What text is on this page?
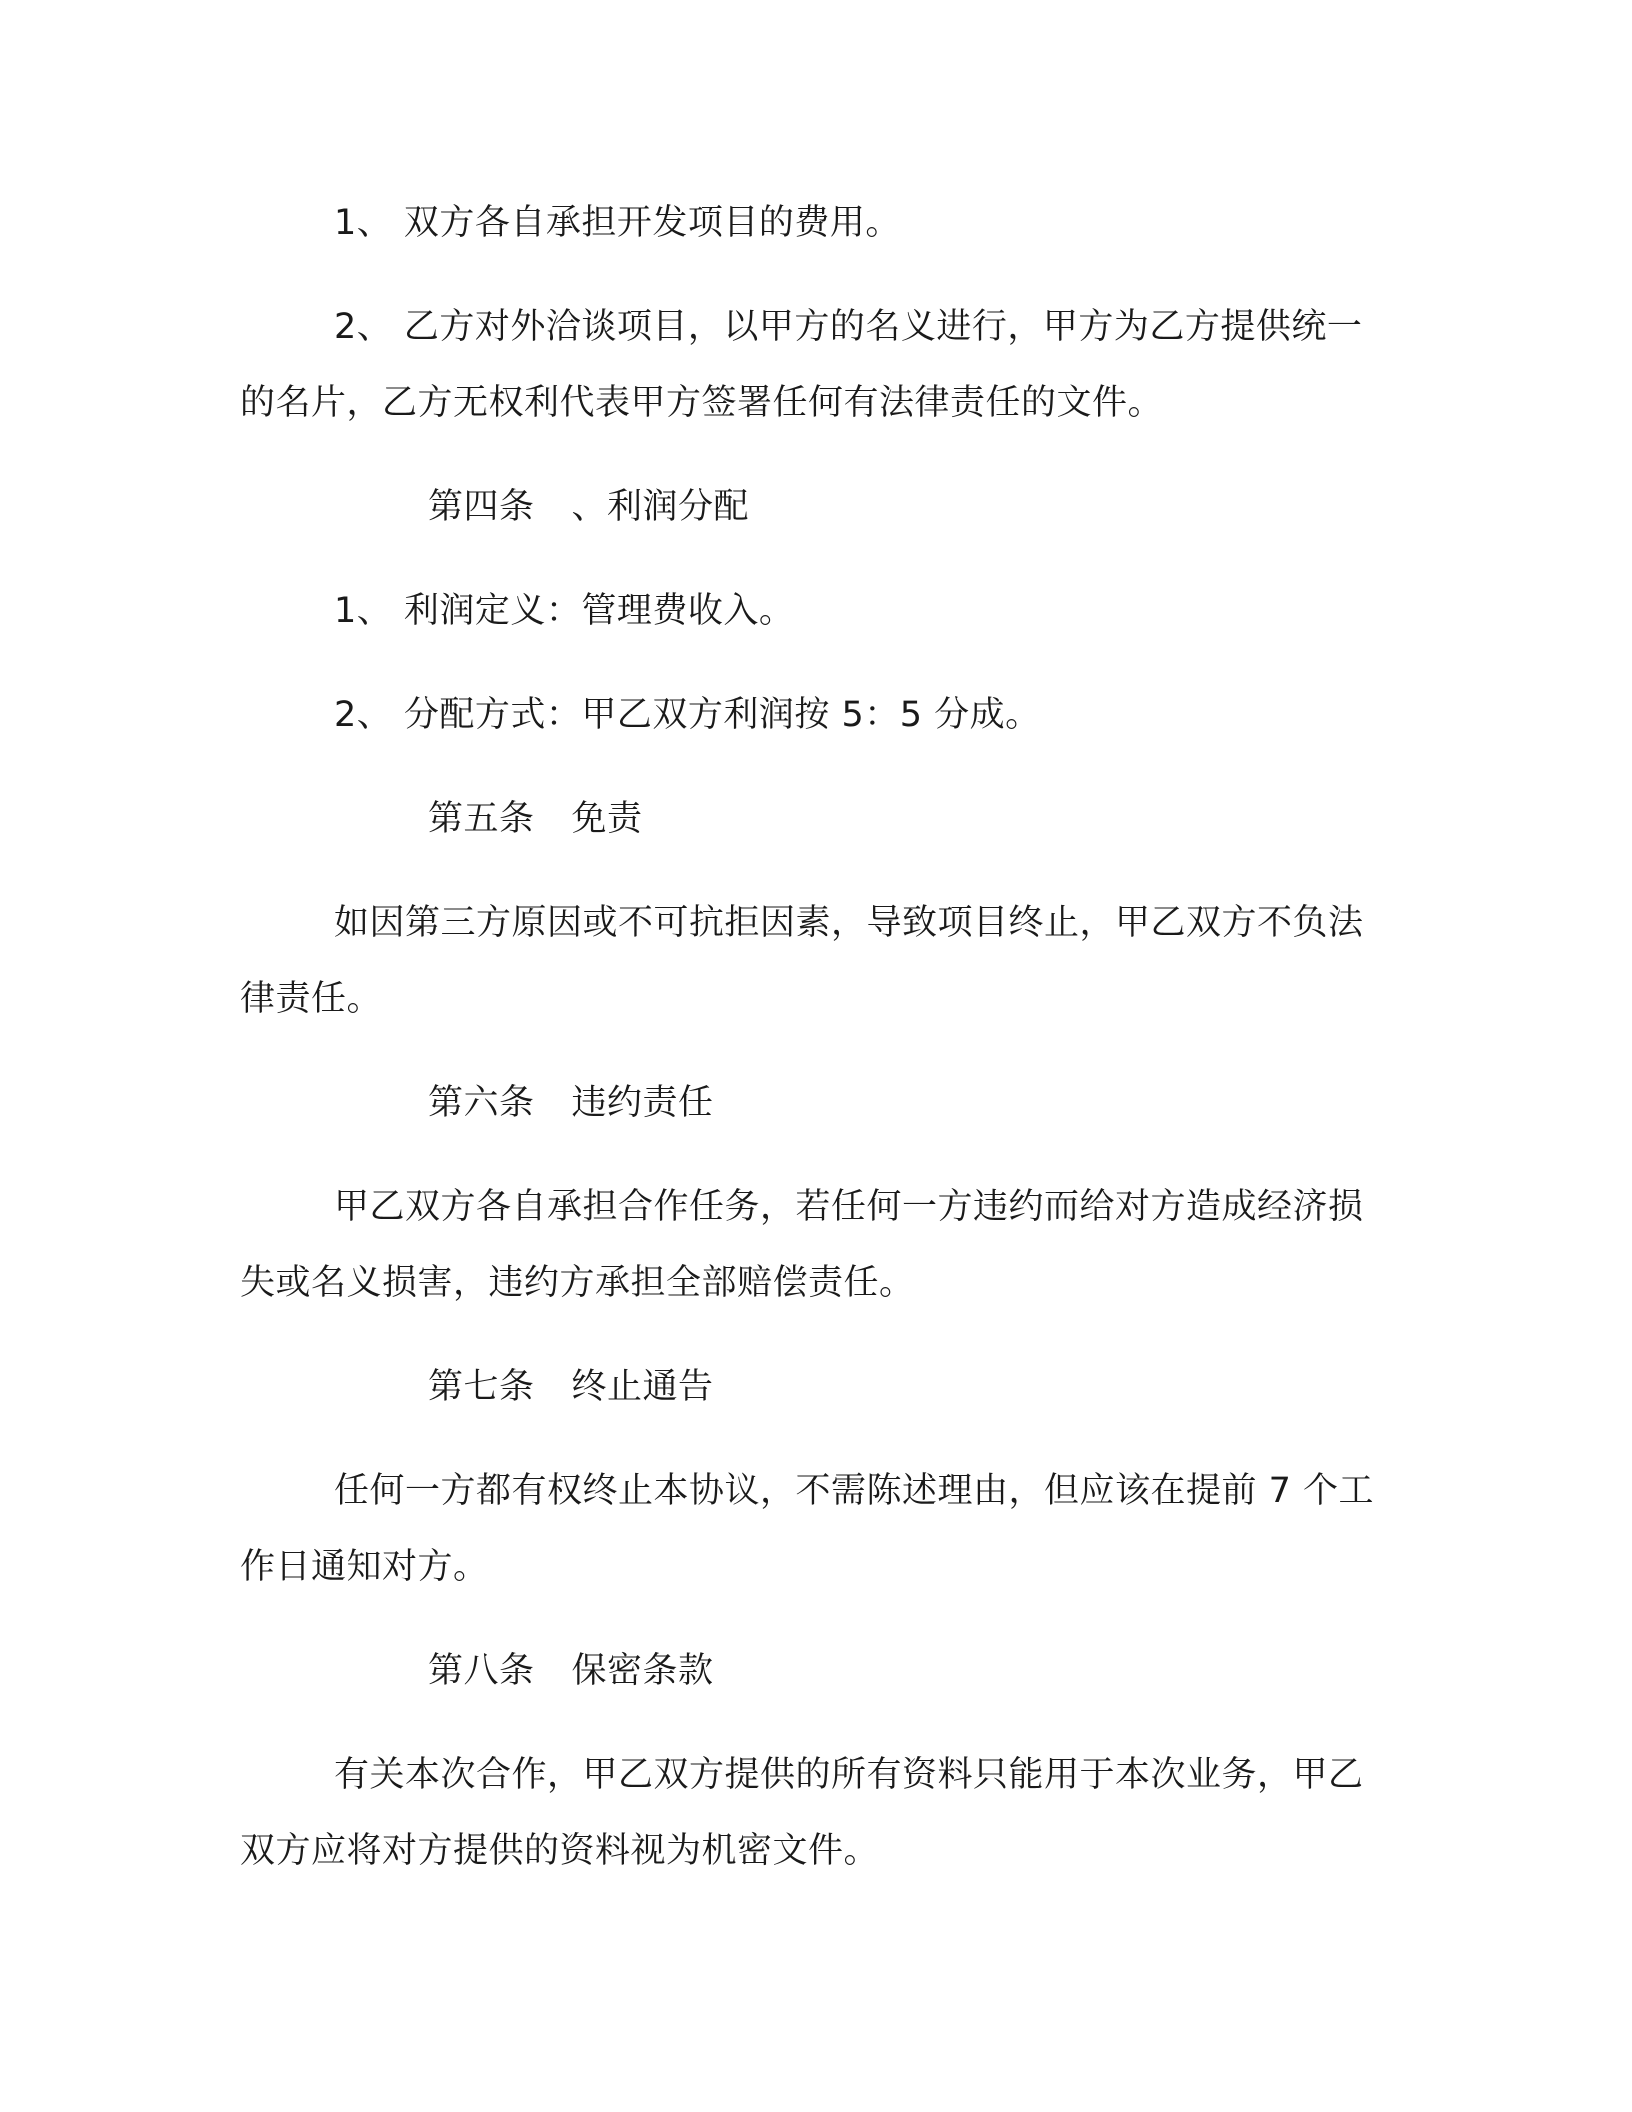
1、 双方各自承担开发项目的费用。

2、 乙方对外洽谈项目，以甲方的名义进行，甲方为乙方提供统一的名片，乙方无权利代表甲方签署任何有法律责任的文件。

第四条 、利润分配

1、 利润定义：管理费收入。

2、 分配方式：甲乙双方利润按 5：5 分成。

第五条 免责

如因第三方原因或不可抗拒因素，导致项目终止，甲乙双方不负法律责任。

第六条 违约责任

甲乙双方各自承担合作任务，若任何一方违约而给对方造成经济损失或名义损害，违约方承担全部赔偿责任。

第七条 终止通告

任何一方都有权终止本协议，不需陈述理由，但应该在提前 7 个工作日通知对方。

第八条 保密条款

有关本次合作，甲乙双方提供的所有资料只能用于本次业务，甲乙双方应将对方提供的资料视为机密文件。
